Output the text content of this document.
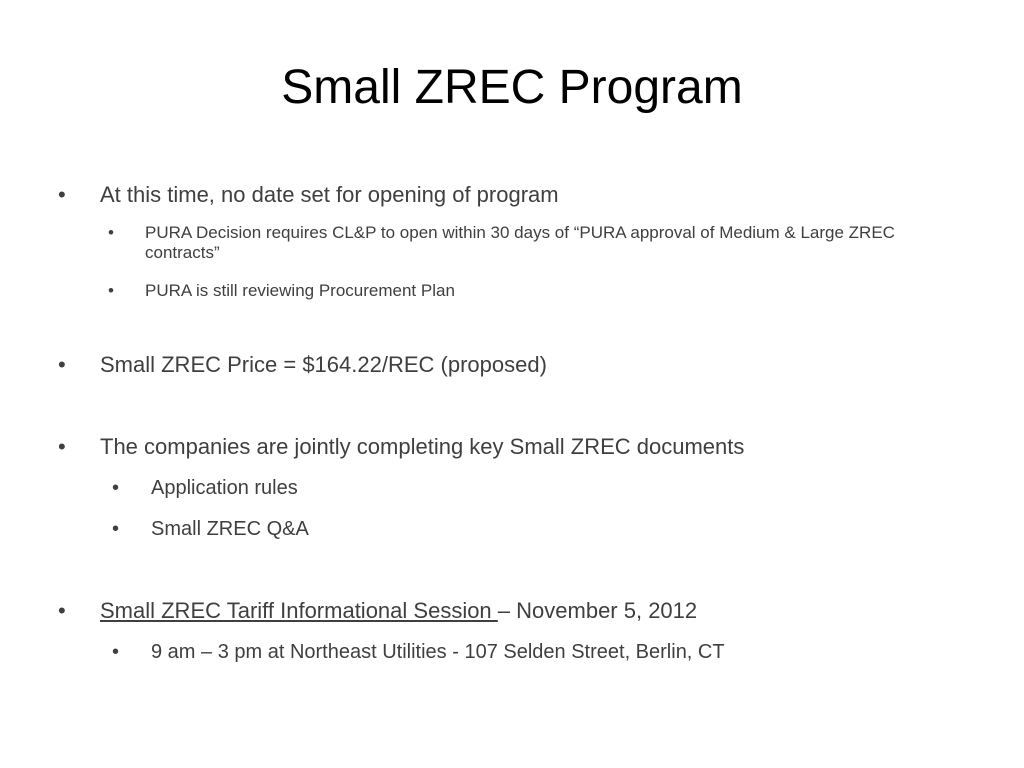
Small ZREC Program
• At this time, no date set for opening of program
• PURA Decision requires CL&P to open within 30 days of “PURA approval of Medium & Large ZREC contracts”
• PURA is still reviewing Procurement Plan
• Small ZREC Price = $164.22/REC (proposed)
• The companies are jointly completing key Small ZREC documents
• Application rules
• Small ZREC Q&A
• Small ZREC Tariff Informational Session – November 5, 2012
• 9 am – 3 pm at Northeast Utilities - 107 Selden Street, Berlin, CT
